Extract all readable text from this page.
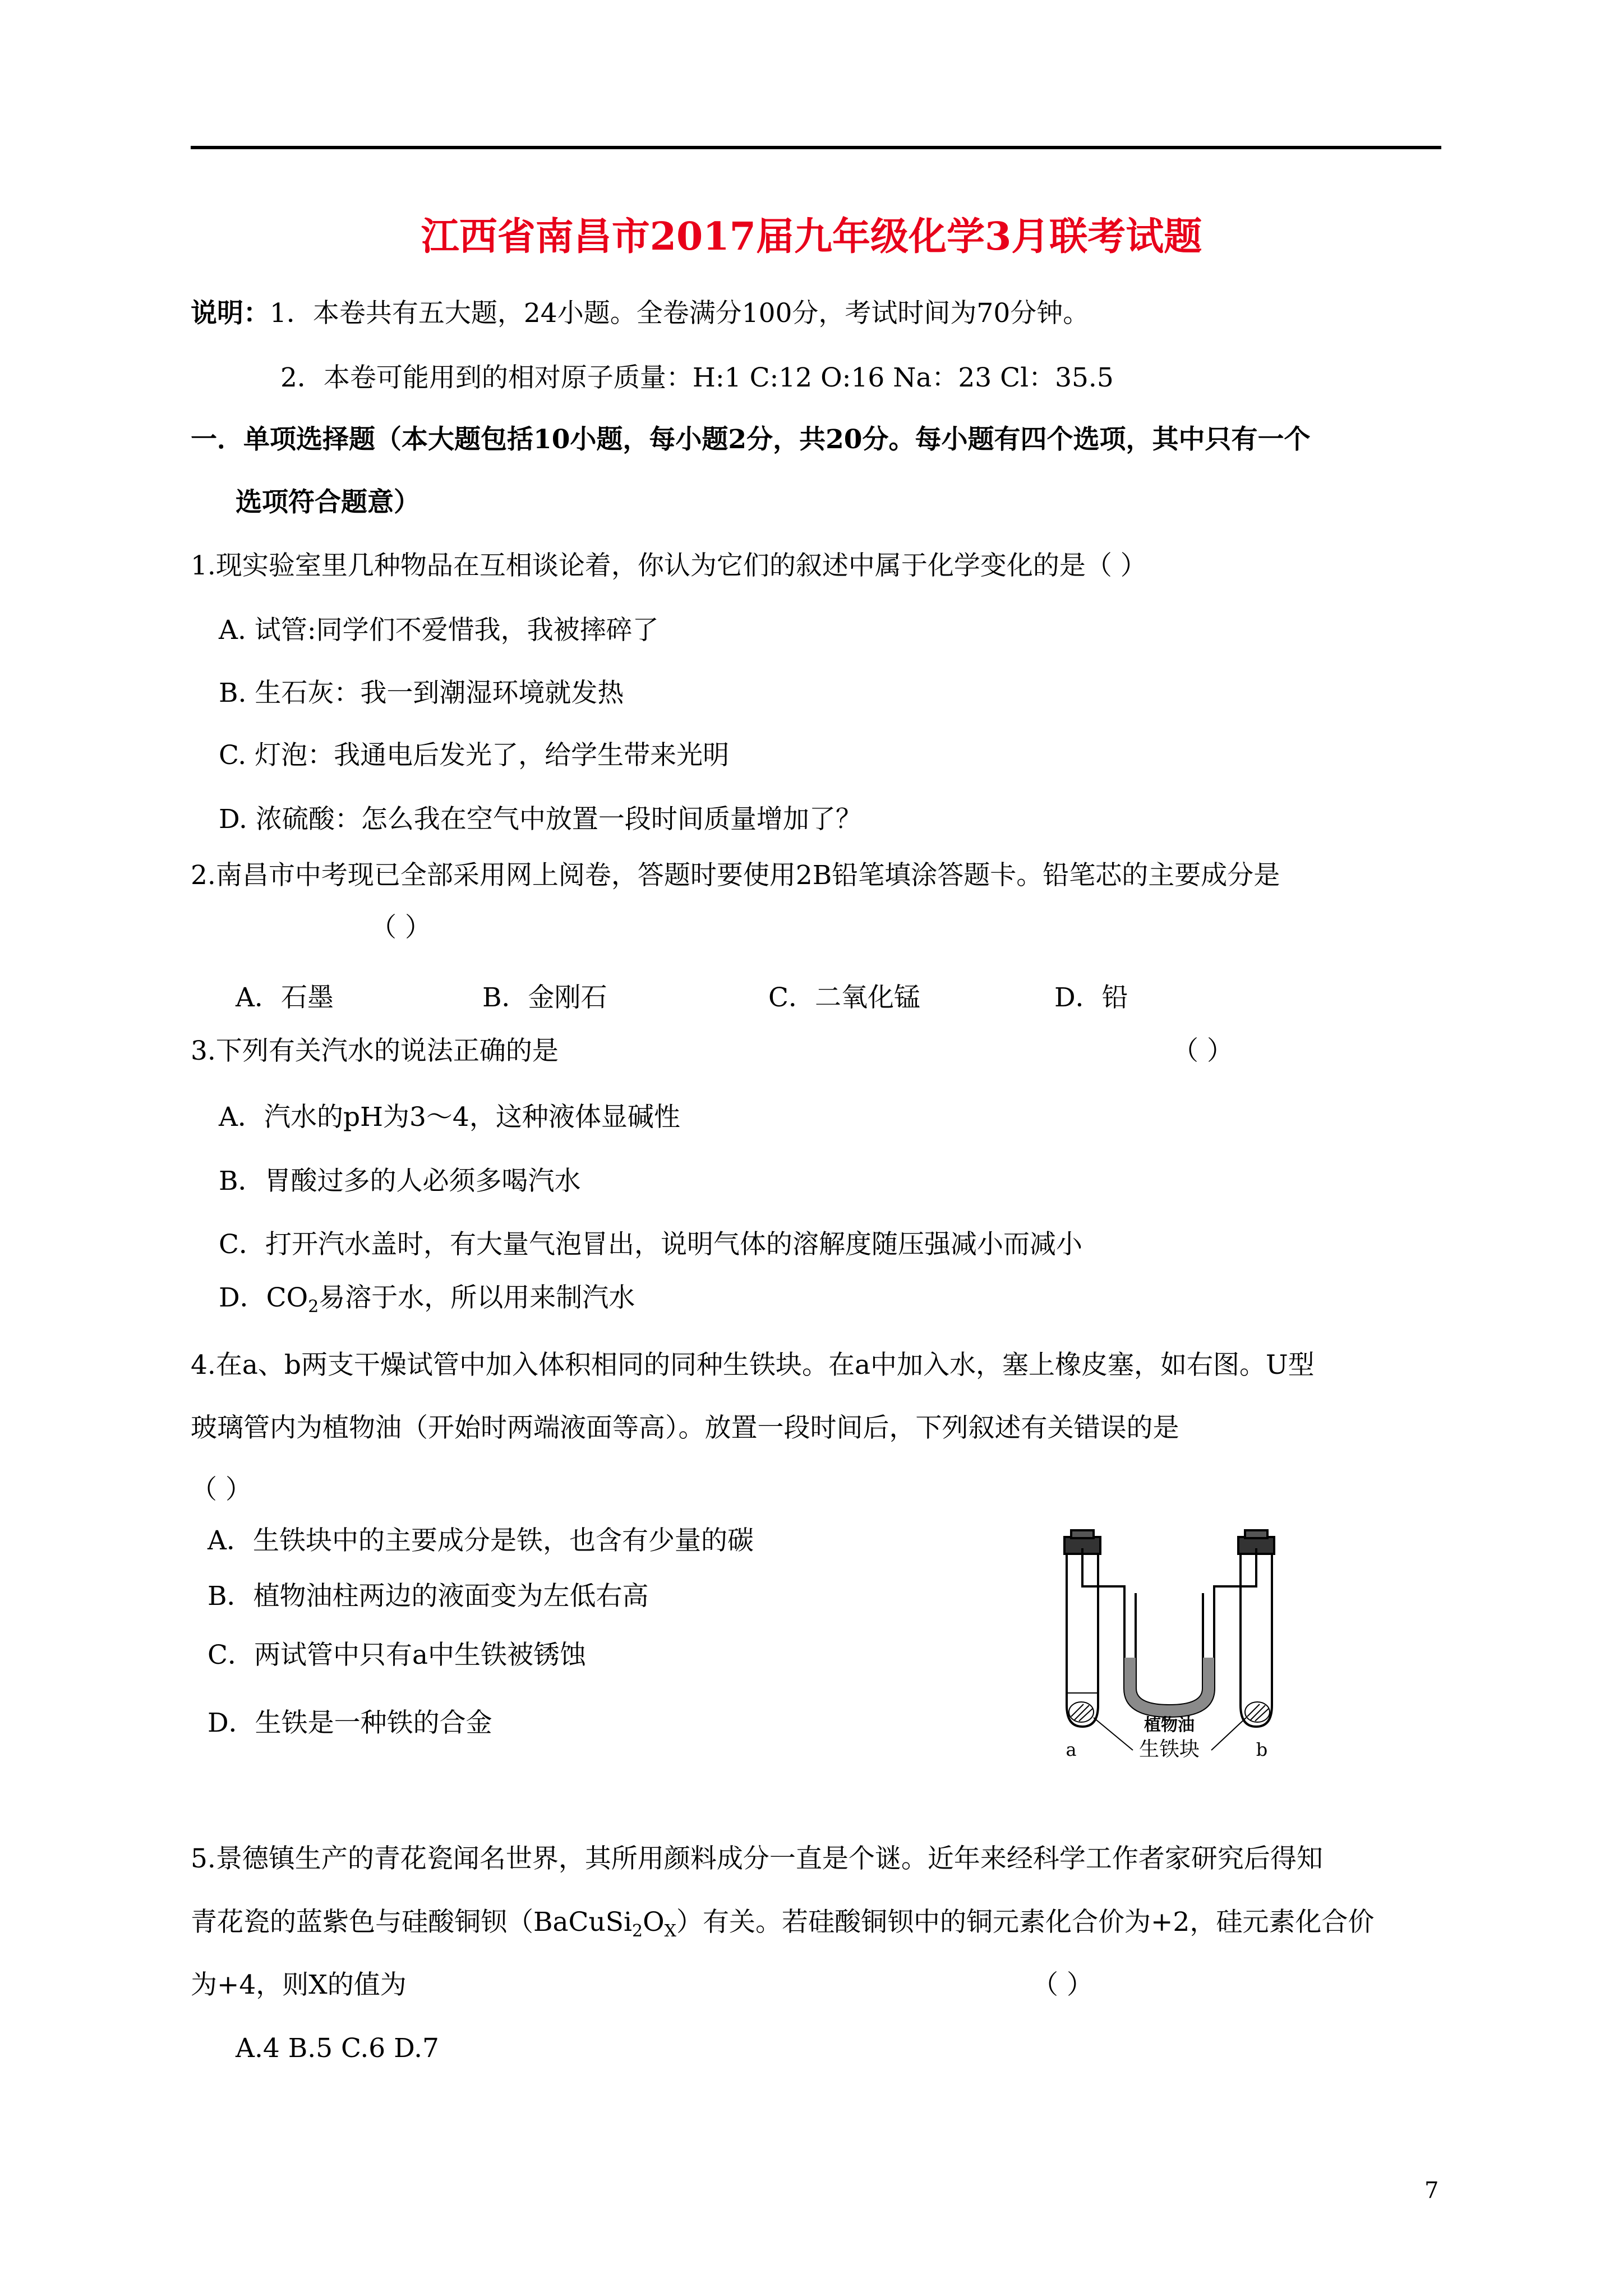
江西省南昌市2017届九年级化学3月联考试题
说明：1．本卷共有五大题，24小题。全卷满分100分，考试时间为70分钟。
2．本卷可能用到的相对原子质量：H:1 C:12 O:16 Na：23 Cl：35.5
一．单项选择题（本大题包括10小题，每小题2分，共20分。每小题有四个选项，其中只有一个
选项符合题意）
1.现实验室里几种物品在互相谈论着，你认为它们的叙述中属于化学变化的是（ ）
A. 试管:同学们不爱惜我，我被摔碎了
B. 生石灰：我一到潮湿环境就发热
C. 灯泡：我通电后发光了，给学生带来光明
D. 浓硫酸：怎么我在空气中放置一段时间质量增加了？
2.南昌市中考现已全部采用网上阅卷，答题时要使用2B铅笔填涂答题卡。铅笔芯的主要成分是
（ ）
A．石墨	B．金刚石	C．二氧化锰	D．铅
3.下列有关汽水的说法正确的是	（ ）
A．汽水的pH为3～4，这种液体显碱性
B．胃酸过多的人必须多喝汽水
C．打开汽水盖时，有大量气泡冒出，说明气体的溶解度随压强减小而减小
D．$CO_2$易溶于水，所以用来制汽水
4.在a、b两支干燥试管中加入体积相同的同种生铁块。在a中加入水，塞上橡皮塞，如右图。U型
玻璃管内为植物油（开始时两端液面等高）。放置一段时间后，下列叙述有关错误的是
（ ）
A．生铁块中的主要成分是铁，也含有少量的碳
B．植物油柱两边的液面变为左低右高
C．两试管中只有a中生铁被锈蚀
D．生铁是一种铁的合金	植物油
生铁块
a	b
5.景德镇生产的青花瓷闻名世界，其所用颜料成分一直是个谜。近年来经科学工作者家研究后得知
青花瓷的蓝紫色与硅酸铜钡$(BaCuSi_2O_X)$有关。若硅酸铜钡中的铜元素化合价为+2，硅元素化合价
为+4，则X的值为	（ ）
A.4 B.5 C.6 D.7
7
